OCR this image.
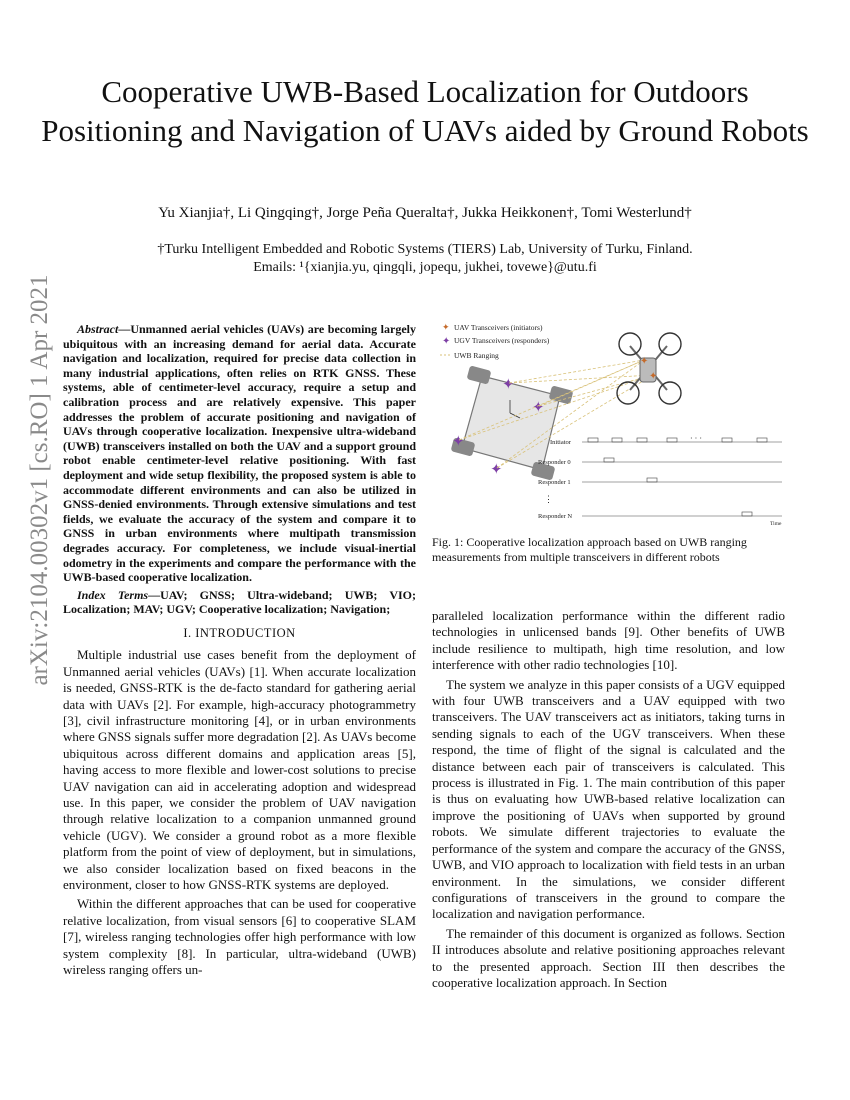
Cooperative UWB-Based Localization for Outdoors Positioning and Navigation of UAVs aided by Ground Robots
Yu Xianjia†, Li Qingqing†, Jorge Peña Queralta†, Jukka Heikkonen†, Tomi Westerlund†
†Turku Intelligent Embedded and Robotic Systems (TIERS) Lab, University of Turku, Finland.
Emails: ¹{xianjia.yu, qingqli, jopequ, jukhei, tovewe}@utu.fi
arXiv:2104.00302v1 [cs.RO] 1 Apr 2021	Abstract—Unmanned aerial vehicles (UAVs) are becoming largely ubiquitous with an increasing demand for aerial data. Accurate navigation and localization, required for precise data collection in many industrial applications, often relies on RTK GNSS. These systems, able of centimeter-level accuracy, require a setup and calibration process and are relatively expensive. This paper addresses the problem of accurate positioning and navigation of UAVs through cooperative localization. Inexpensive ultra-wideband (UWB) transceivers installed on both the UAV and a support ground robot enable centimeter-level relative positioning. With fast deployment and wide setup flexibility, the proposed system is able to accommodate different environments and can also be utilized in GNSS-denied environments. Through extensive simulations and test fields, we evaluate the accuracy of the system and compare it to GNSS in urban environments where multipath transmission degrades accuracy. For completeness, we include visual-inertial odometry in the experiments and compare the performance with the UWB-based cooperative localization.

Index Terms—UAV; GNSS; Ultra-wideband; UWB; VIO; Localization; MAV; UGV; Cooperative localization; Navigation;

I. INTRODUCTION

Multiple industrial use cases benefit from the deployment of Unmanned aerial vehicles (UAVs) [1]. When accurate localization is needed, GNSS-RTK is the de-facto standard for gathering aerial data with UAVs [2]. For example, high-accuracy photogrammetry [3], civil infrastructure monitoring [4], or in urban environments where GNSS signals suffer more degradation [2]. As UAVs become ubiquitous across different domains and application areas [5], having access to more flexible and lower-cost solutions to precise UAV navigation can aid in accelerating adoption and widespread use. In this paper, we consider the problem of UAV navigation through relative localization to a companion unmanned ground vehicle (UGV). We consider a ground robot as a more flexible platform from the point of view of deployment, but in simulations, we also consider localization based on fixed beacons in the environment, closer to how GNSS-RTK systems are deployed.

Within the different approaches that can be used for cooperative relative localization, from visual sensors [6] to cooperative SLAM [7], wireless ranging technologies offer high performance with low system complexity [8]. In particular, ultra-wideband (UWB) wireless ranging offers un-

✦ UAV Transceivers (initiators)
✦ UGV Transceivers (responders)
UWB Ranging
✦
✦
✦
✦
✦
✦
Initiator
Responder 0
Responder 1
⋮
Responder N
Time
· · ·
Fig. 1: Cooperative localization approach based on UWB ranging measurements from multiple transceivers in different robots

paralleled localization performance within the different radio technologies in unlicensed bands [9]. Other benefits of UWB include resilience to multipath, high time resolution, and low interference with other radio technologies [10].

The system we analyze in this paper consists of a UGV equipped with four UWB transceivers and a UAV equipped with two transceivers. The UAV transceivers act as initiators, taking turns in sending signals to each of the UGV transceivers. When these respond, the time of flight of the signal is calculated and the distance between each pair of transceivers is calculated. This process is illustrated in Fig. 1. The main contribution of this paper is thus on evaluating how UWB-based relative localization can improve the positioning of UAVs when supported by ground robots. We simulate different trajectories to evaluate the performance of the system and compare the accuracy of the GNSS, UWB, and VIO approach to localization with field tests in an urban environment. In the simulations, we consider different configurations of transceivers in the ground to compare the localization and navigation performance.

The remainder of this document is organized as follows. Section II introduces absolute and relative positioning approaches relevant to the presented approach. Section III then describes the cooperative localization approach. In Section
